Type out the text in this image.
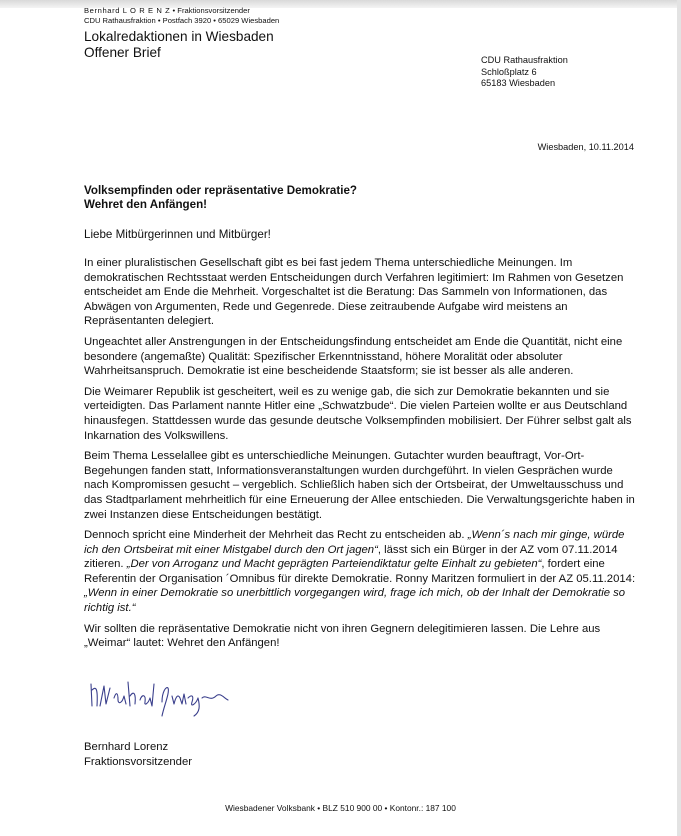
Bernhard L O R E N Z • Fraktionsvorsitzender
CDU Rathausfraktion • Postfach 3920 • 65029 Wiesbaden
Lokalredaktionen in Wiesbaden
Offener Brief	CDU Rathausfraktion
Schloßplatz 6
65183 Wiesbaden
Wiesbaden, 10.11.2014
Volksempfinden oder repräsentative Demokratie?
Wehret den Anfängen!
Liebe Mitbürgerinnen und Mitbürger!

In einer pluralistischen Gesellschaft gibt es bei fast jedem Thema unterschiedliche Meinungen. Im demokratischen Rechtsstaat werden Entscheidungen durch Verfahren legitimiert: Im Rahmen von Gesetzen entscheidet am Ende die Mehrheit. Vorgeschaltet ist die Beratung: Das Sammeln von Informationen, das Abwägen von Argumenten, Rede und Gegenrede. Diese zeitraubende Aufgabe wird meistens an Repräsentanten delegiert.

Ungeachtet aller Anstrengungen in der Entscheidungsfindung entscheidet am Ende die Quantität, nicht eine besondere (angemaßte) Qualität: Spezifischer Erkenntnisstand, höhere Moralität oder absoluter Wahrheitsanspruch. Demokratie ist eine bescheidende Staatsform; sie ist besser als alle anderen.

Die Weimarer Republik ist gescheitert, weil es zu wenige gab, die sich zur Demokratie bekannten und sie verteidigten. Das Parlament nannte Hitler eine „Schwatzbude“. Die vielen Parteien wollte er aus Deutschland hinausfegen. Stattdessen wurde das gesunde deutsche Volksempfinden mobilisiert. Der Führer selbst galt als Inkarnation des Volkswillens.

Beim Thema Lesselallee gibt es unterschiedliche Meinungen. Gutachter wurden beauftragt, Vor-Ort-Begehungen fanden statt, Informationsveranstaltungen wurden durchgeführt. In vielen Gesprächen wurde nach Kompromissen gesucht – vergeblich. Schließlich haben sich der Ortsbeirat, der Umweltausschuss und das Stadtparlament mehrheitlich für eine Erneuerung der Allee entschieden. Die Verwaltungsgerichte haben in zwei Instanzen diese Entscheidungen bestätigt.

Dennoch spricht eine Minderheit der Mehrheit das Recht zu entscheiden ab. „Wenn´s nach mir ginge, würde ich den Ortsbeirat mit einer Mistgabel durch den Ort jagen“, lässt sich ein Bürger in der AZ vom 07.11.2014 zitieren. „Der von Arroganz und Macht geprägten Parteiendiktatur gelte Einhalt zu gebieten“, fordert eine Referentin der Organisation ´Omnibus für direkte Demokratie. Ronny Maritzen formuliert in der AZ 05.11.2014: „Wenn in einer Demokratie so unerbittlich vorgegangen wird, frage ich mich, ob der Inhalt der Demokratie so richtig ist.“

Wir sollten die repräsentative Demokratie nicht von ihren Gegnern delegitimieren lassen. Die Lehre aus „Weimar“ lautet: Wehret den Anfängen!

Bernhard Lorenz
Fraktionsvorsitzender
Wiesbadener Volksbank • BLZ 510 900 00 • Kontonr.: 187 100
